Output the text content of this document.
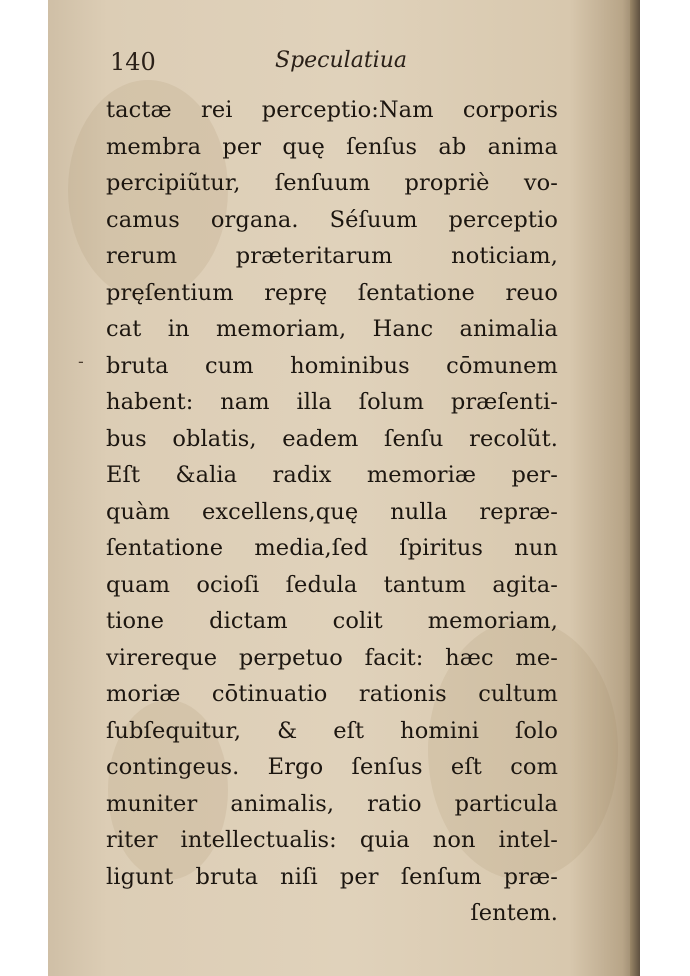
140	Speculatiua
-
tactæ rei perceptio:Nam corporis
membra per quę ſenſus ab anima
percipiũtur, ſenſuum propriè vo-
camus organa. Séſuum perceptio
rerum præteritarum noticiam,
pręſentium reprę ſentatione reuo
cat in memoriam, Hanc animalia
bruta cum hominibus cōmunem
habent: nam illa ſolum præſenti-
bus oblatis, eadem ſenſu recolũt.
Eſt &alia radix memoriæ per-
quàm excellens,quę nulla repræ-
ſentatione media,ſed ſpiritus nun
quam ocioſi ſedula tantum agita-
tione dictam colit memoriam,
virereque perpetuo facit: hæc me-
moriæ cōtinuatio rationis cultum
ſubſequitur, & eſt homini ſolo
contingeus. Ergo ſenſus eſt com
muniter animalis, ratio particula
riter intellectualis: quia non intel-
ligunt bruta niſi per ſenſum præ-
ſentem.
